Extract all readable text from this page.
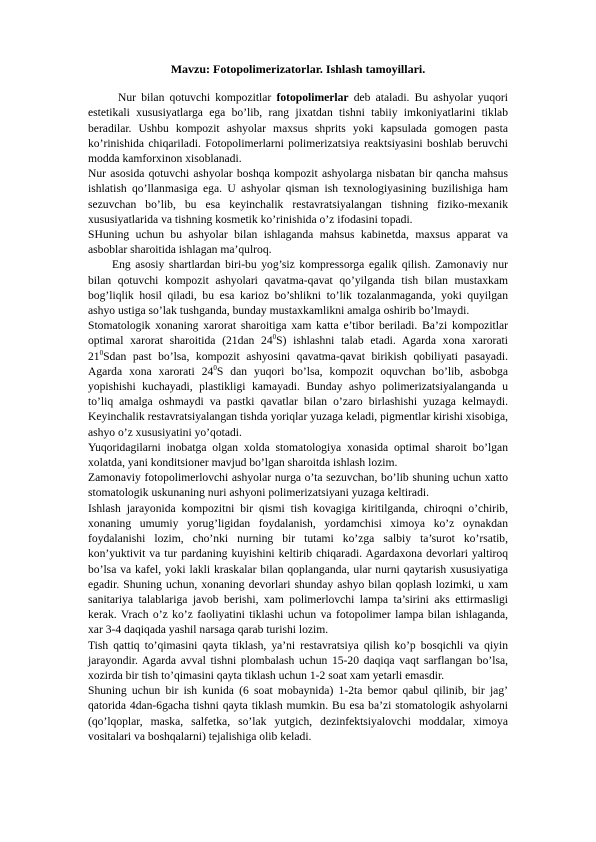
Mavzu: Fotopolimerizatorlar. Ishlash tamoyillari.

Nur bilan qotuvchi kompozitlar fotopolimerlar deb ataladi. Bu ashyolar yuqori estetikali xususiyatlarga ega bo’lib, rang jixatdan tishni tabiiy imkoniyatlarini tiklab beradilar. Ushbu kompozit ashyolar maxsus shprits yoki kapsulada gomogen pasta ko’rinishida chiqariladi. Fotopolimerlarni polimerizatsiya reaktsiyasini boshlab beruvchi modda kamforxinon xisoblanadi.

Nur asosida qotuvchi ashyolar boshqa kompozit ashyolarga nisbatan bir qancha mahsus ishlatish qo’llanmasiga ega. U ashyolar qisman ish texnologiyasining buzilishiga ham sezuvchan bo’lib, bu esa keyinchalik restavratsiyalangan tishning fiziko-mexanik xususiyatlarida va tishning kosmetik ko’rinishida o’z ifodasini topadi.

SHuning uchun bu ashyolar bilan ishlaganda mahsus kabinetda, maxsus apparat va asboblar sharoitida ishlagan ma’qulroq.

Eng asosiy shartlardan biri-bu yog’siz kompressorga egalik qilish. Zamonaviy nur bilan qotuvchi kompozit ashyolari qavatma-qavat qo’yilganda tish bilan mustaxkam bog’liqlik hosil qiladi, bu esa karioz bo’shlikni to’lik tozalanmaganda, yoki quyilgan ashyo ustiga so’lak tushganda, bunday mustaxkamlikni amalga oshirib bo’lmaydi.

Stomatologik xonaning xarorat sharoitiga xam katta e’tibor beriladi. Ba’zi kompozitlar optimal xarorat sharoitida (21dan $24^0S$) ishlashni talab etadi. Agarda xona xarorati $21^0Sdan$ past bo’lsa, kompozit ashyosini qavatma-qavat birikish qobiliyati pasayadi. Agarda xona xarorati $24^0S$ dan yuqori bo’lsa, kompozit oquvchan bo’lib, asbobga yopishishi kuchayadi, plastikligi kamayadi. Bunday ashyo polimerizatsiyalanganda u to’liq amalga oshmaydi va pastki qavatlar bilan o’zaro birlashishi yuzaga kelmaydi. Keyinchalik restavratsiyalangan tishda yoriqlar yuzaga keladi, pigmentlar kirishi xisobiga, ashyo o’z xususiyatini yo’qotadi.

Yuqoridagilarni inobatga olgan xolda stomatologiya xonasida optimal sharoit bo’lgan xolatda, yani konditsioner mavjud bo’lgan sharoitda ishlash lozim.

Zamonaviy fotopolimerlovchi ashyolar nurga o’ta sezuvchan, bo’lib shuning uchun xatto stomatologik uskunaning nuri ashyoni polimerizatsiyani yuzaga keltiradi.

Ishlash jarayonida kompozitni bir qismi tish kovagiga kiritilganda, chiroqni o’chirib, xonaning umumiy yorug’ligidan foydalanish, yordamchisi ximoya ko’z oynakdan foydalanishi lozim, cho’nki nurning bir tutami ko’zga salbiy ta’surot ko’rsatib, kon’yuktivit va tur pardaning kuyishini keltirib chiqaradi. Agardaxona devorlari yaltiroq bo’lsa va kafel, yoki lakli kraskalar bilan qoplanganda, ular nurni qaytarish xususiyatiga egadir. Shuning uchun, xonaning devorlari shunday ashyo bilan qoplash lozimki, u xam sanitariya talablariga javob berishi, xam polimerlovchi lampa ta’sirini aks ettirmasligi kerak. Vrach o’z ko’z faoliyatini tiklashi uchun va fotopolimer lampa bilan ishlaganda, xar 3-4 daqiqada yashil narsaga qarab turishi lozim.

Tish qattiq to’qimasini qayta tiklash, ya’ni restavratsiya qilish ko’p bosqichli va qiyin jarayondir. Agarda avval tishni plombalash uchun 15-20 daqiqa vaqt sarflangan bo’lsa, xozirda bir tish to’qimasini qayta tiklash uchun 1-2 soat xam yetarli emasdir.

Shuning uchun bir ish kunida (6 soat mobaynida) 1-2ta bemor qabul qilinib, bir jag’ qatorida 4dan-6gacha tishni qayta tiklash mumkin. Bu esa ba’zi stomatologik ashyolarni (qo’lqoplar, maska, salfetka, so’lak yutgich, dezinfektsiyalovchi moddalar, ximoya vositalari va boshqalarni) tejalishiga olib keladi.
